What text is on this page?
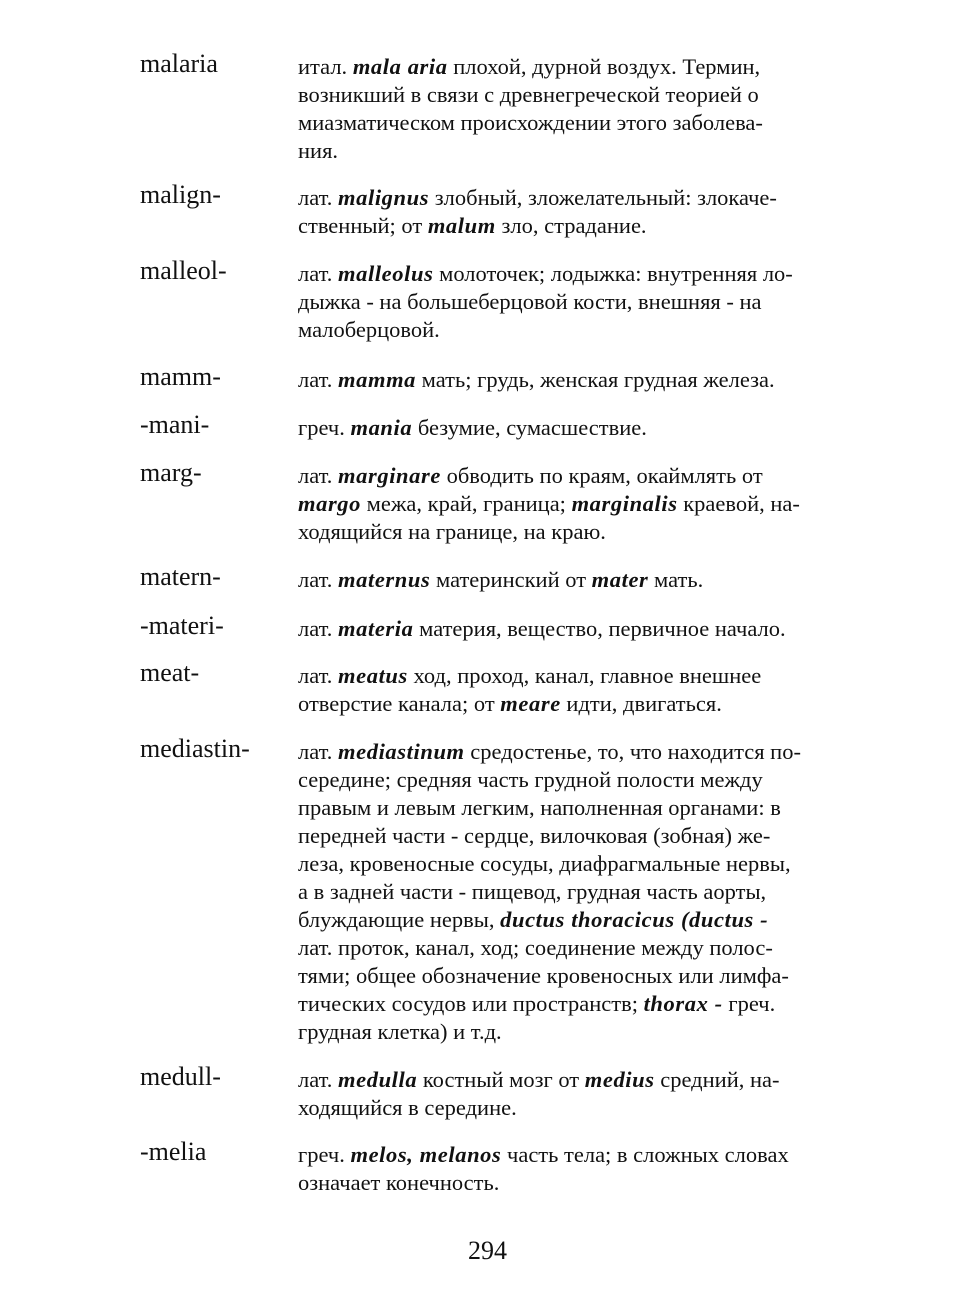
malaria	итал. mala aria плохой, дурной воздух. Термин,
возникший в связи с древнегреческой теорией о
миазматическом происхождении этого заболева-
ния.
malign-	лат. malignus злобный, зложелательный: злокаче-
ственный; от malum зло, страдание.
malleol-	лат. malleolus молоточек; лодыжка: внутренняя ло-
дыжка - на большеберцовой кости, внешняя - на
малоберцовой.
mamm-	лат. mamma мать; грудь, женская грудная железа.
-mani-	греч. mania безумие, сумасшествие.
marg-	лат. marginare обводить по краям, окаймлять от
margo межа, край, граница; marginalis краевой, на-
ходящийся на границе, на краю.
matern-	лат. maternus материнский от mater мать.
-materi-	лат. materia материя, вещество, первичное начало.
meat-	лат. meatus ход, проход, канал, главное внешнее
отверстие канала; от meare идти, двигаться.
mediastin- лат. mediastinum средостенье, то, что находится по-
середине; средняя часть грудной полости между
правым и левым легким, наполненная органами: в
передней части - сердце, вилочковая (зобная) же-
леза, кровеносные сосуды, диафрагмальные нервы,
а в задней части - пищевод, грудная часть аорты,
блуждающие нервы, ductus thoracicus (ductus -
лат. проток, канал, ход; соединение между полос-
тями; общее обозначение кровеносных или лимфа-
тических сосудов или пространств; thorax - греч.
грудная клетка) и т.д.
medull-	лат. medulla костный мозг от medius средний, на-
ходящийся в середине.
-melia	греч. melos, melanos часть тела; в сложных словах
означает конечность.
294
